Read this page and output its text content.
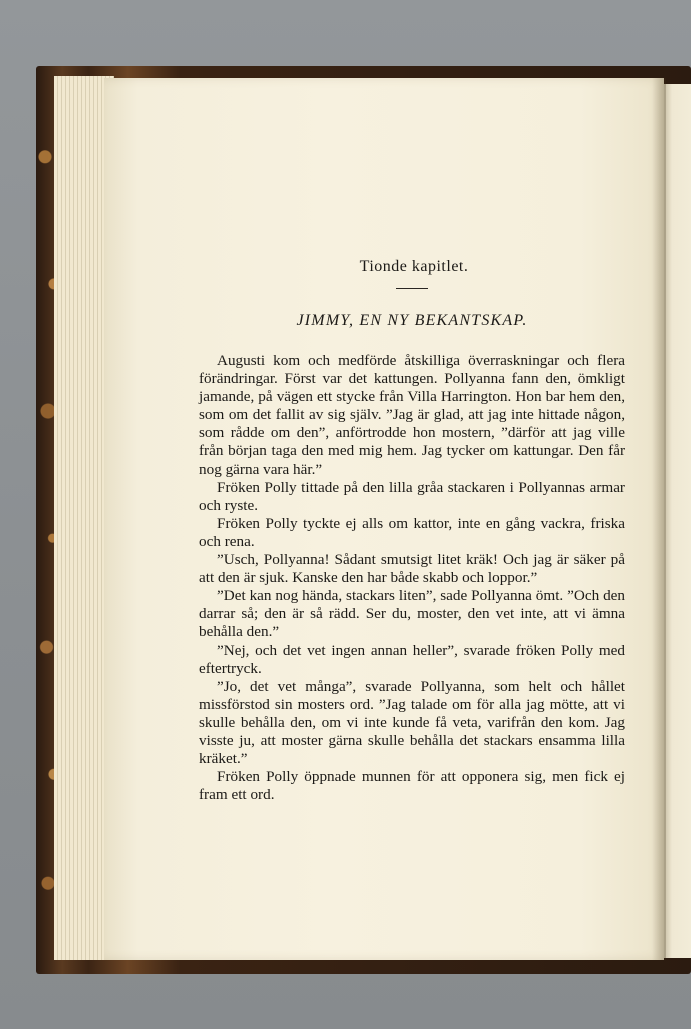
Tionde kapitlet.

JIMMY, EN NY BEKANTSKAP.

Augusti kom och medförde åtskilliga överraskningar och flera förändringar. Först var det kattungen. Pollyanna fann den, ömkligt jamande, på vägen ett stycke från Villa Harrington. Hon bar hem den, som om det fallit av sig själv. ”Jag är glad, att jag inte hittade någon, som rådde om den”, anförtrodde hon mostern, ”därför att jag ville från början taga den med mig hem. Jag tycker om kattungar. Den får nog gärna vara här.”

Fröken Polly tittade på den lilla gråa stackaren i Pollyannas armar och ryste.

Fröken Polly tyckte ej alls om kattor, inte en gång vackra, friska och rena.

”Usch, Pollyanna! Sådant smutsigt litet kräk! Och jag är säker på att den är sjuk. Kanske den har både skabb och loppor.”

”Det kan nog hända, stackars liten”, sade Pollyanna ömt. ”Och den darrar så; den är så rädd. Ser du, moster, den vet inte, att vi ämna behålla den.”

”Nej, och det vet ingen annan heller”, svarade fröken Polly med eftertryck.

”Jo, det vet många”, svarade Pollyanna, som helt och hållet missförstod sin mosters ord. ”Jag talade om för alla jag mötte, att vi skulle behålla den, om vi inte kunde få veta, varifrån den kom. Jag visste ju, att moster gärna skulle behålla det stackars ensamma lilla kräket.”

Fröken Polly öppnade munnen för att opponera sig, men fick ej fram ett ord.
